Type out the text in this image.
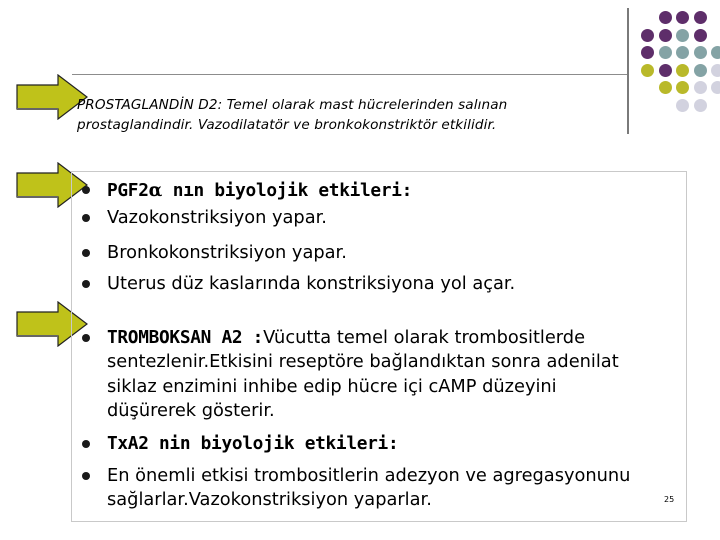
PROSTAGLANDİN D2: Temel olarak mast hücrelerinden salınan
prostaglandindir. Vazodilatatör ve bronkokonstriktör etkilidir.
PGF2α nın biyolojik etkileri:
Vazokonstriksiyon yapar.
Bronkokonstriksiyon yapar.
Uterus düz kaslarında konstriksiyona yol açar.
TROMBOKSAN A2 :Vücutta temel olarak trombositlerde
sentezlenir.Etkisini reseptöre bağlandıktan sonra adenilat
siklaz enzimini inhibe edip hücre içi cAMP düzeyini
düşürerek gösterir.
TxA2 nin biyolojik etkileri:
En önemli etkisi trombositlerin adezyon ve agregasyonunu
sağlarlar.Vazokonstriksiyon yaparlar.	25
